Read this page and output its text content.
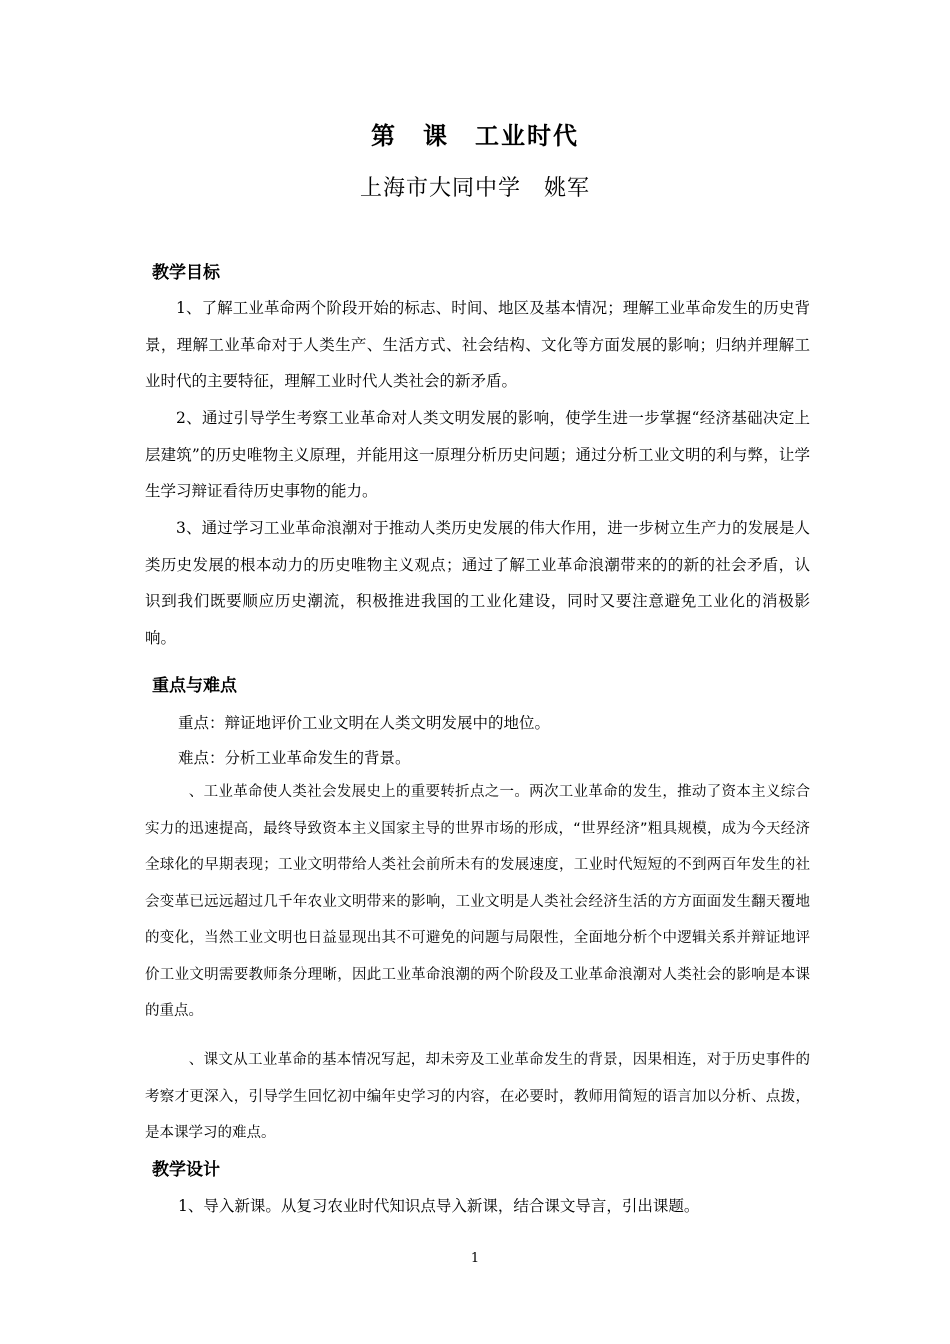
第　课　工业时代
上海市大同中学　姚军
教学目标
1、了解工业革命两个阶段开始的标志、时间、地区及基本情况；理解工业革命发生的历史背景，理解工业革命对于人类生产、生活方式、社会结构、文化等方面发展的影响；归纳并理解工业时代的主要特征，理解工业时代人类社会的新矛盾。
2、通过引导学生考察工业革命对人类文明发展的影响，使学生进一步掌握“经济基础决定上层建筑”的历史唯物主义原理，并能用这一原理分析历史问题；通过分析工业文明的利与弊，让学生学习辩证看待历史事物的能力。
3、通过学习工业革命浪潮对于推动人类历史发展的伟大作用，进一步树立生产力的发展是人类历史发展的根本动力的历史唯物主义观点；通过了解工业革命浪潮带来的的新的社会矛盾，认识到我们既要顺应历史潮流，积极推进我国的工业化建设，同时又要注意避免工业化的消极影响。
重点与难点
重点：辩证地评价工业文明在人类文明发展中的地位。
难点：分析工业革命发生的背景。
　、工业革命使人类社会发展史上的重要转折点之一。两次工业革命的发生，推动了资本主义综合实力的迅速提高，最终导致资本主义国家主导的世界市场的形成，“世界经济”粗具规模，成为今天经济全球化的早期表现；工业文明带给人类社会前所未有的发展速度，工业时代短短的不到两百年发生的社会变革已远远超过几千年农业文明带来的影响，工业文明是人类社会经济生活的方方面面发生翻天覆地的变化，当然工业文明也日益显现出其不可避免的问题与局限性，全面地分析个中逻辑关系并辩证地评价工业文明需要教师条分理晰，因此工业革命浪潮的两个阶段及工业革命浪潮对人类社会的影响是本课的重点。
　、课文从工业革命的基本情况写起，却未旁及工业革命发生的背景，因果相连，对于历史事件的考察才更深入，引导学生回忆初中编年史学习的内容，在必要时，教师用简短的语言加以分析、点拨，是本课学习的难点。
教学设计
1、导入新课。从复习农业时代知识点导入新课，结合课文导言，引出课题。
1
